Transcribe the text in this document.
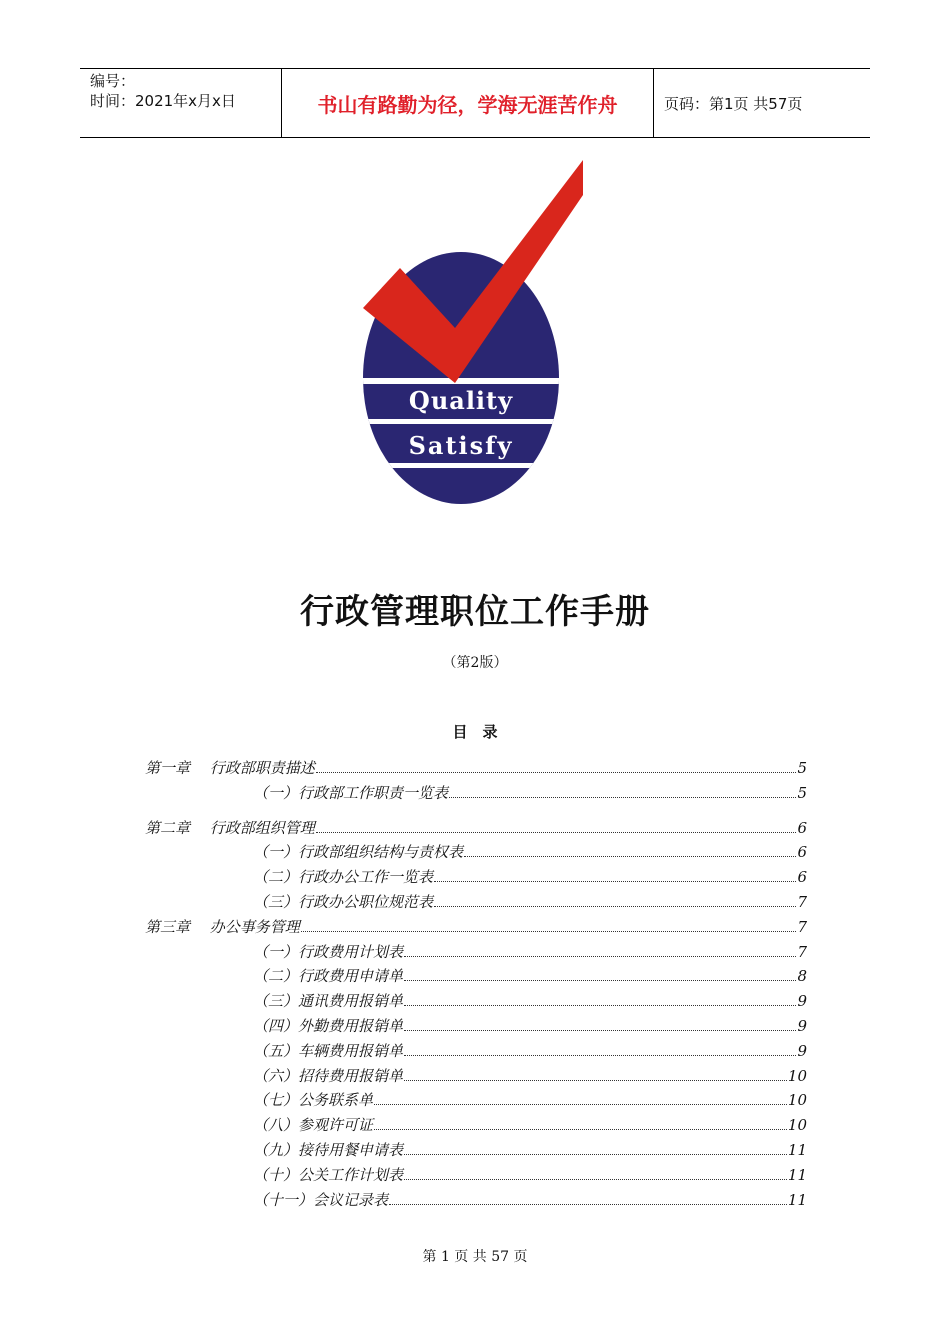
编号：
时间：2021年x月x日	书山有路勤为径，学海无涯苦作舟	页码：第1页 共57页
Quality
Satisfy
行政管理职位工作手册
（第2版）
目　录
第一章　 行政部职责描述	5
（一）行政部工作职责一览表	5
第二章　 行政部组织管理	6
（一）行政部组织结构与责权表	6
（二）行政办公工作一览表	6
（三）行政办公职位规范表	7
第三章　 办公事务管理	7
（一）行政费用计划表	7
（二）行政费用申请单	8
（三）通讯费用报销单	9
（四）外勤费用报销单	9
（五）车辆费用报销单	9
（六）招待费用报销单	10
（七）公务联系单	10
（八）参观许可证	10
（九）接待用餐申请表	11
（十）公关工作计划表	11
（十一）会议记录表	11
第 1 页 共 57 页
